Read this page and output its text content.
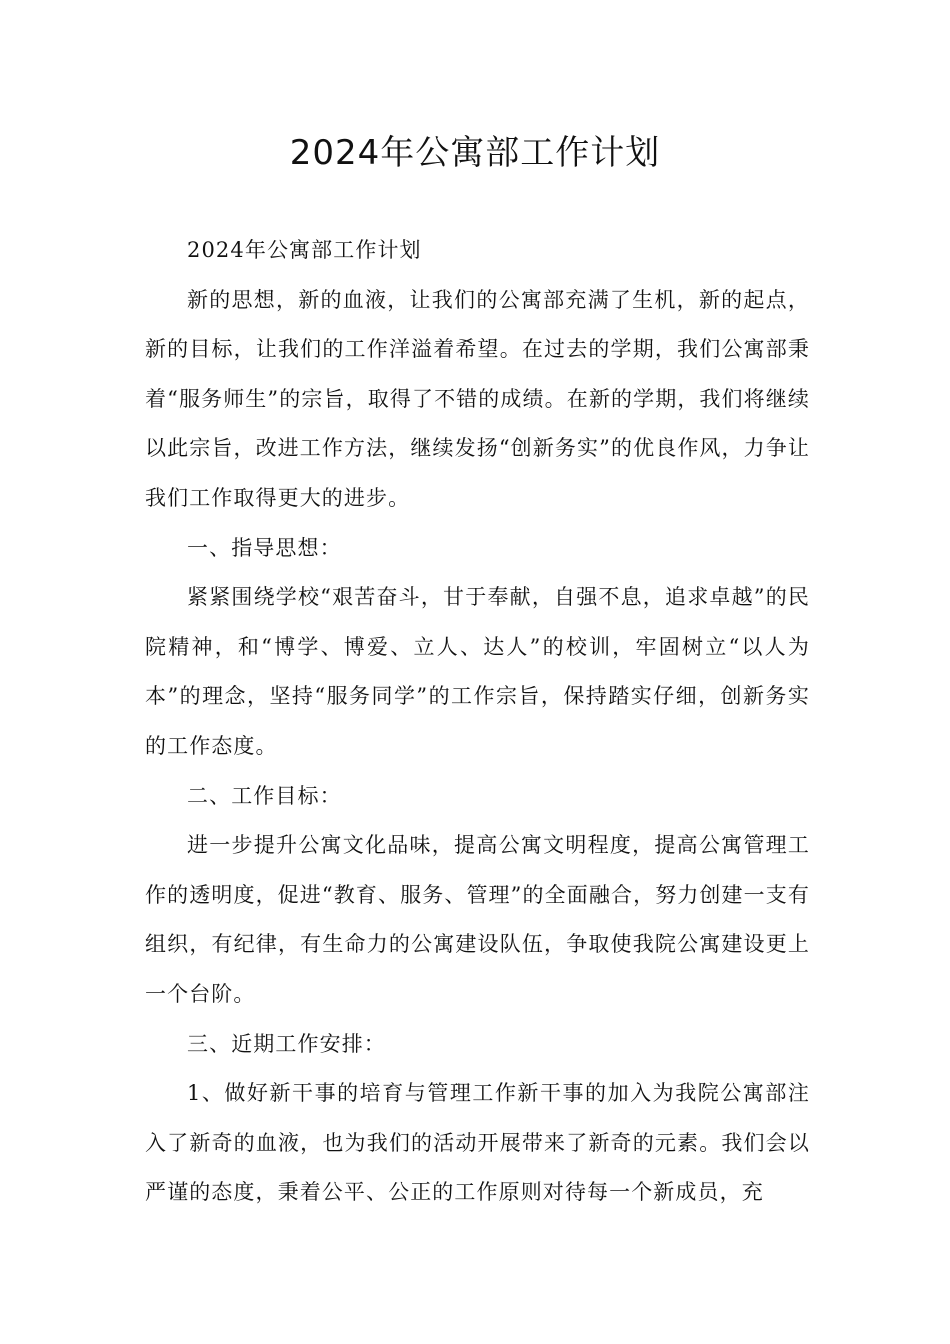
2024年公寓部工作计划

2024年公寓部工作计划

新的思想，新的血液，让我们的公寓部充满了生机，新的起点，新的目标，让我们的工作洋溢着希望。在过去的学期，我们公寓部秉着“服务师生”的宗旨，取得了不错的成绩。在新的学期，我们将继续以此宗旨，改进工作方法，继续发扬“创新务实”的优良作风，力争让我们工作取得更大的进步。

一、指导思想：

紧紧围绕学校“艰苦奋斗，甘于奉献，自强不息，追求卓越”的民院精神，和“博学、博爱、立人、达人”的校训，牢固树立“以人为本”的理念，坚持“服务同学”的工作宗旨，保持踏实仔细，创新务实的工作态度。

二、工作目标：

进一步提升公寓文化品味，提高公寓文明程度，提高公寓管理工作的透明度，促进“教育、服务、管理”的全面融合，努力创建一支有组织，有纪律，有生命力的公寓建设队伍，争取使我院公寓建设更上一个台阶。

三、近期工作安排：

1、做好新干事的培育与管理工作新干事的加入为我院公寓部注入了新奇的血液，也为我们的活动开展带来了新奇的元素。我们会以严谨的态度，秉着公平、公正的工作原则对待每一个新成员，充
